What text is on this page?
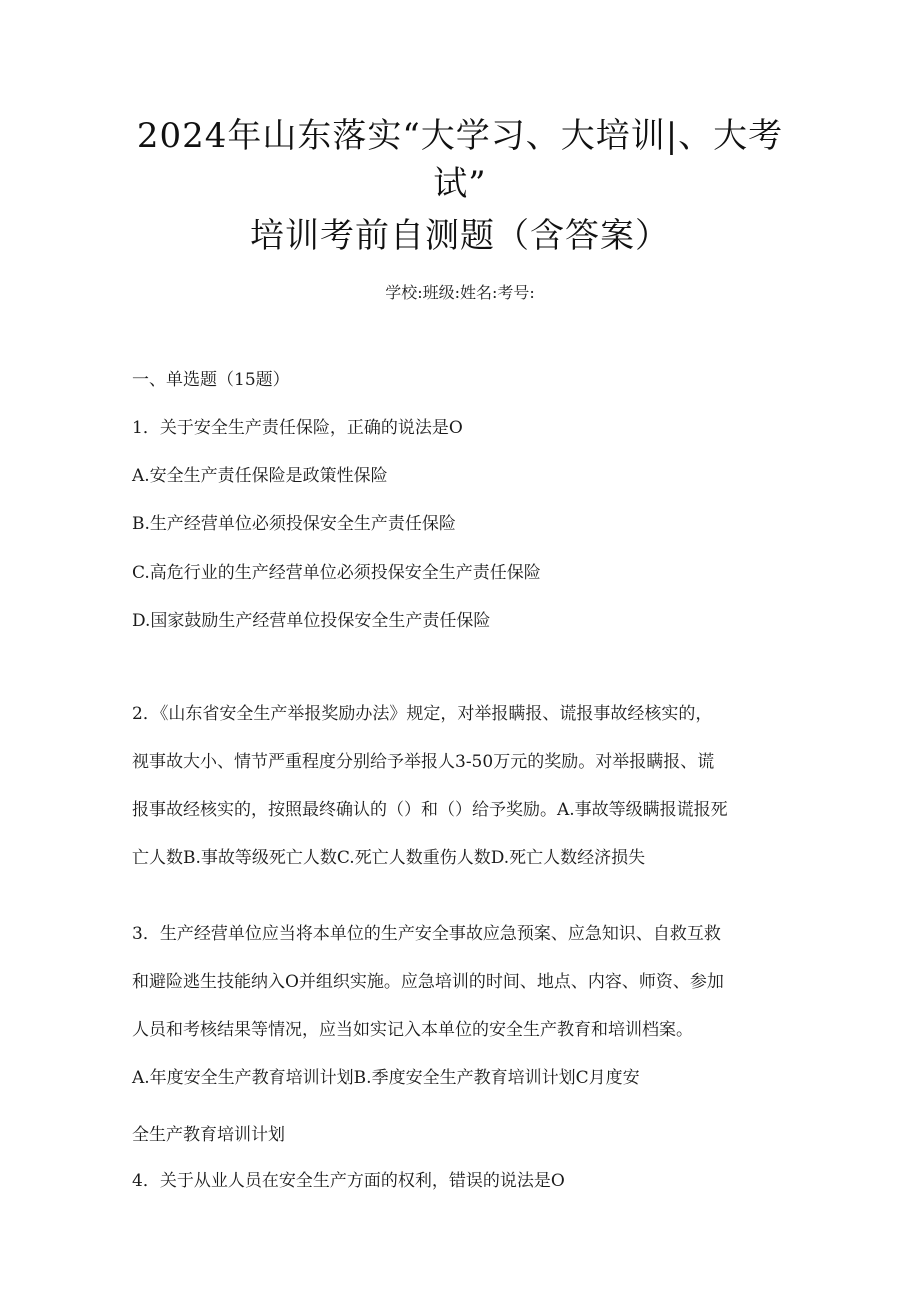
2024年山东落实“大学习、大培训|、大考
试”
培训考前自测题（含答案）
学校:班级:姓名:考号:
一、单选题（15题）
1．关于安全生产责任保险，正确的说法是O
A.安全生产责任保险是政策性保险
B.生产经营单位必须投保安全生产责任保险
C.高危行业的生产经营单位必须投保安全生产责任保险
D.国家鼓励生产经营单位投保安全生产责任保险
2．《山东省安全生产举报奖励办法》规定，对举报瞒报、谎报事故经核实的，
视事故大小、情节严重程度分别给予举报人3-50万元的奖励。对举报瞒报、谎
报事故经核实的，按照最终确认的（）和（）给予奖励。A.事故等级瞒报谎报死
亡人数B.事故等级死亡人数C.死亡人数重伤人数D.死亡人数经济损失
3．生产经营单位应当将本单位的生产安全事故应急预案、应急知识、自救互救
和避险逃生技能纳入O并组织实施。应急培训的时间、地点、内容、师资、参加
人员和考核结果等情况，应当如实记入本单位的安全生产教育和培训档案。
A.年度安全生产教育培训计划B.季度安全生产教育培训计划C月度安
全生产教育培训计划
4．关于从业人员在安全生产方面的权利，错误的说法是O
